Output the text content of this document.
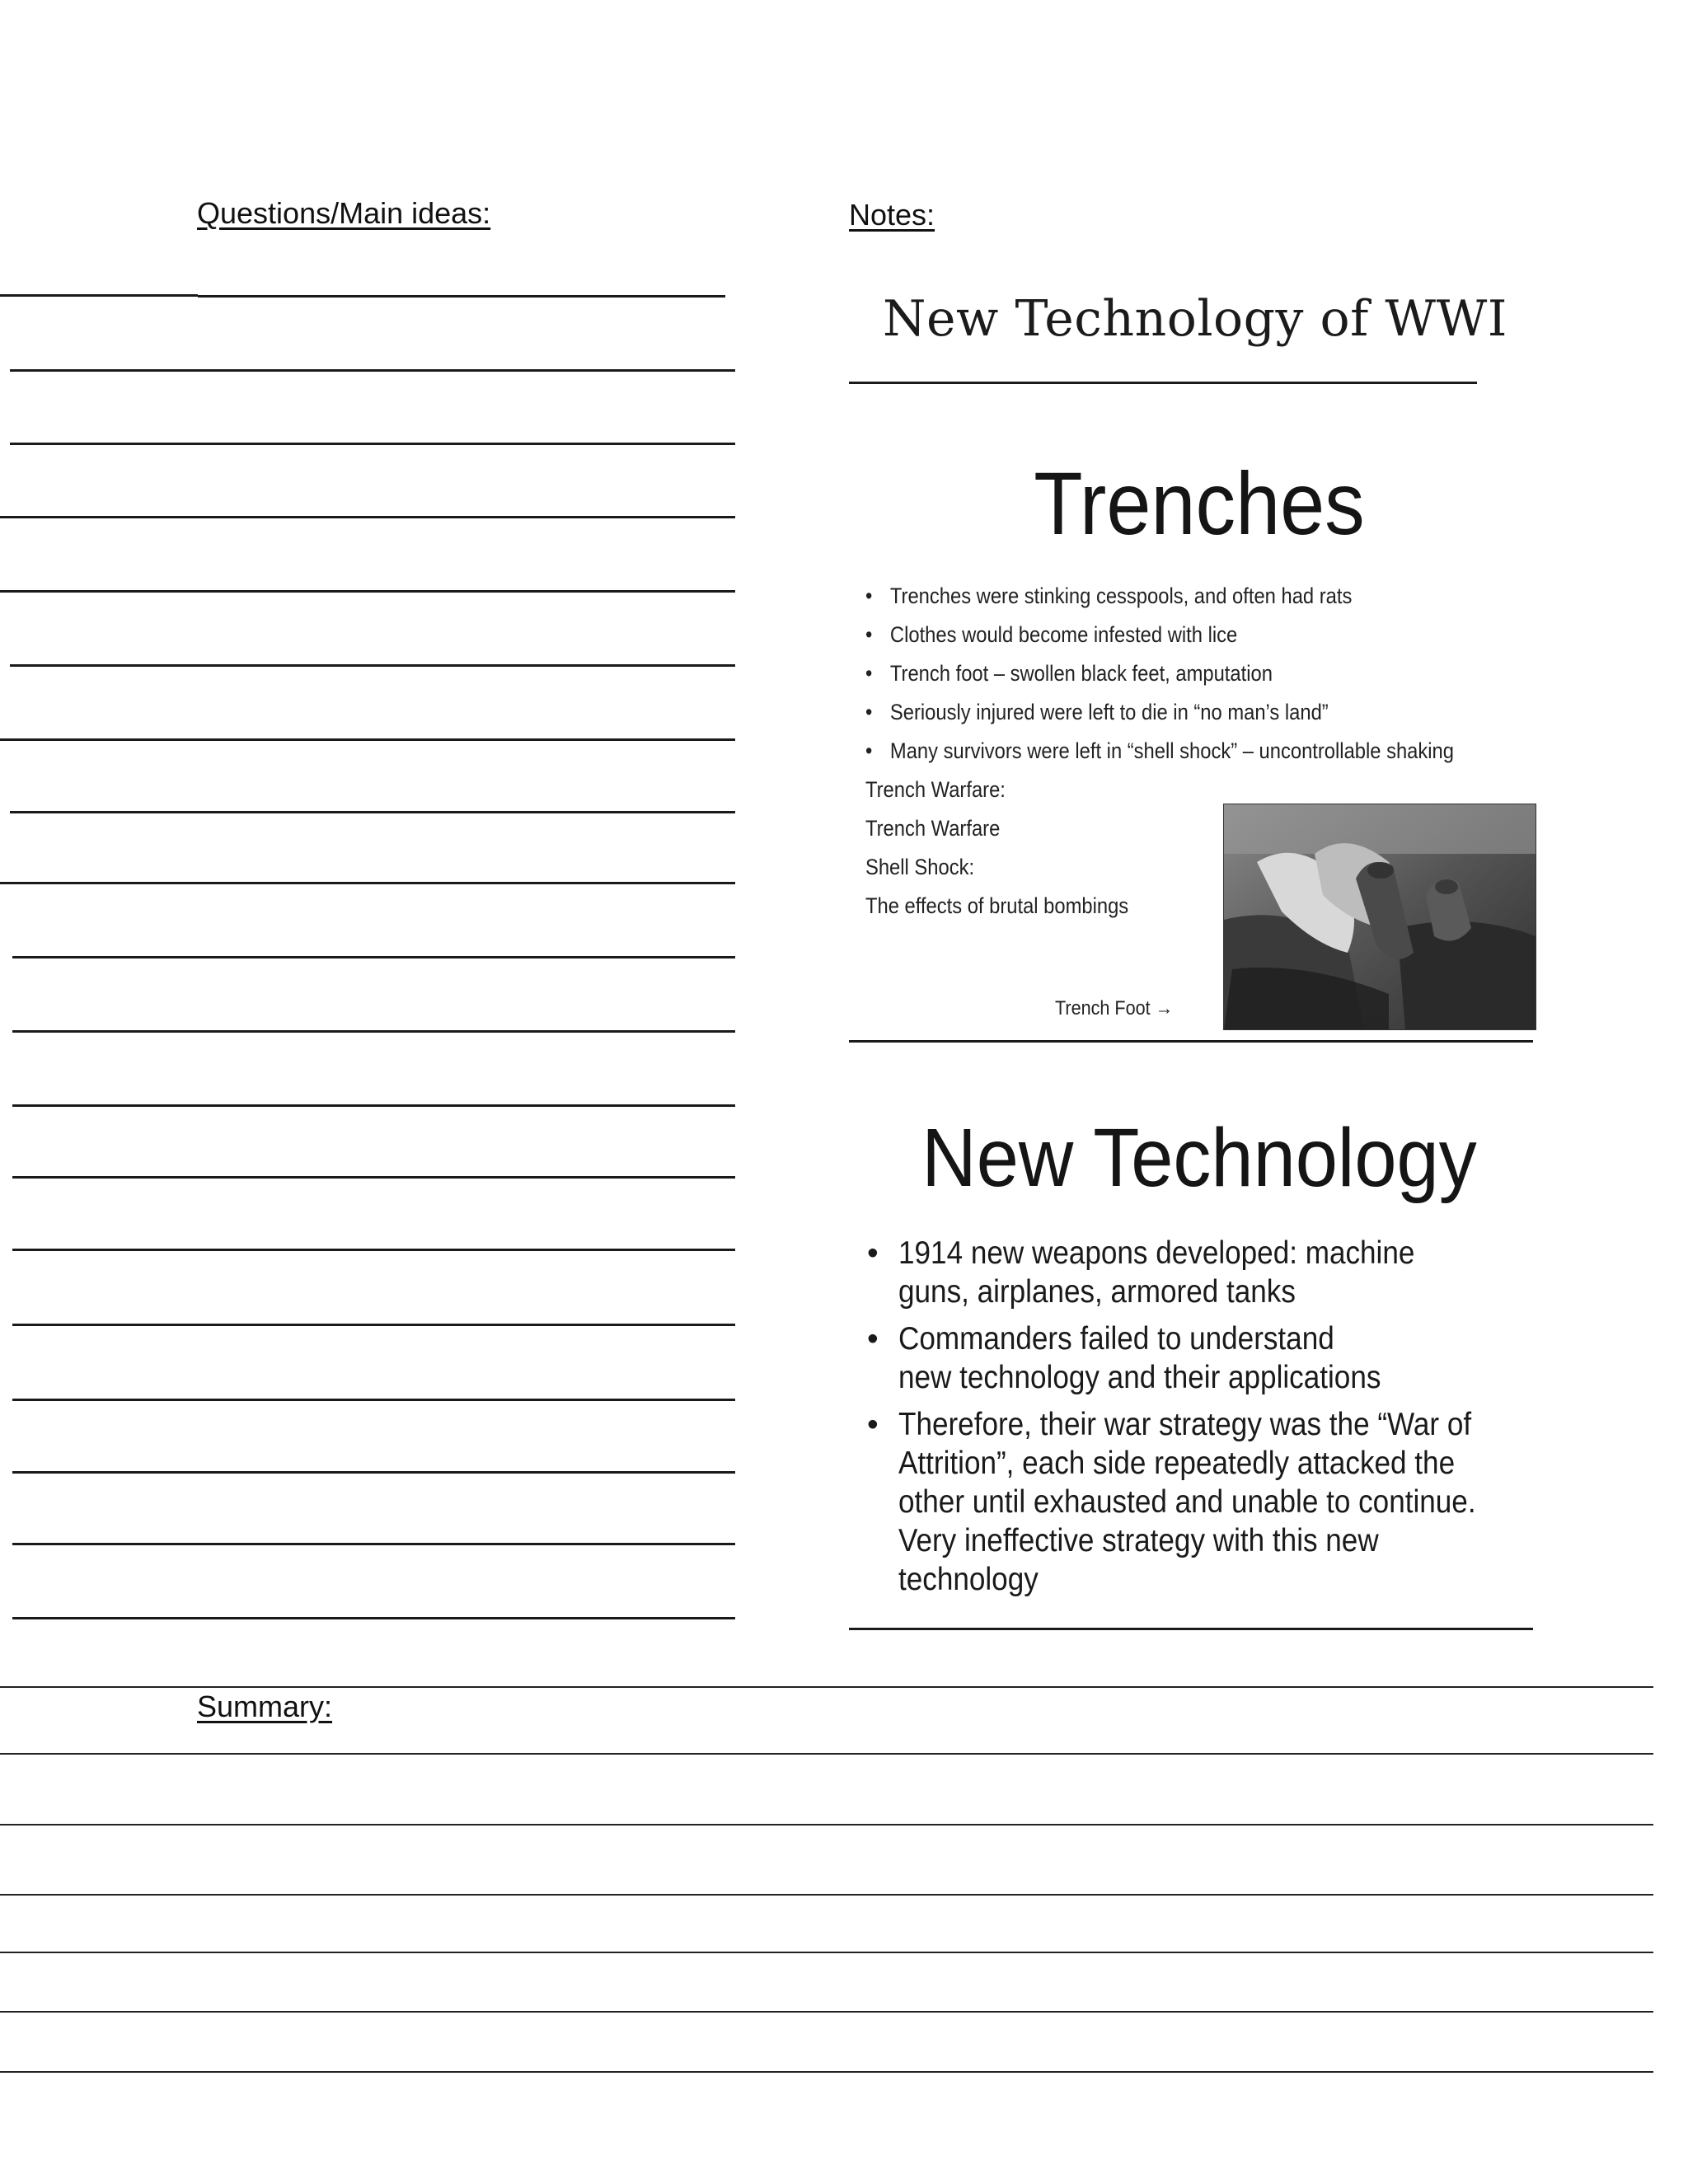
Questions/Main ideas:	Notes:
Summary:
New Technology of WWI
Trenches
• Trenches were stinking cesspools, and often had rats
• Clothes would become infested with lice
• Trench foot – swollen black feet, amputation
• Seriously injured were left to die in “no man’s land”
• Many survivors were left in “shell shock” – uncontrollable shaking
Trench Warfare:
Trench Warfare
Shell Shock:
The effects of brutal bombings
Trench Foot →
New Technology
• 1914 new weapons developed: machine guns, airplanes, armored tanks
• Commanders failed to understand new technology and their applications
• Therefore, their war strategy was the “War of Attrition”, each side repeatedly attacked the other until exhausted and unable to continue. Very ineffective strategy with this new technology
